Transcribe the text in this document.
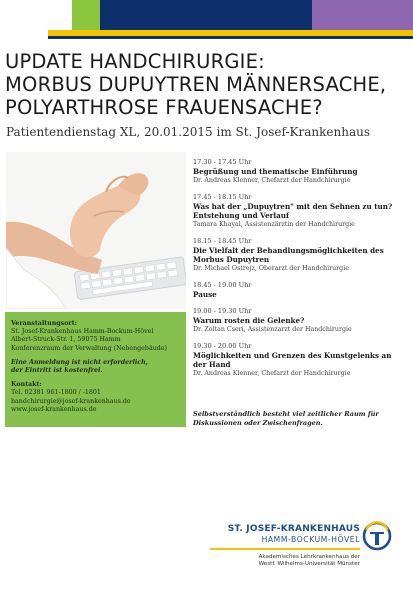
UPDATE HANDCHIRURGIE:
MORBUS DUPUYTREN MÄNNERSACHE,
POLYARTHROSE FRAUENSACHE?
Patientendienstag XL, 20.01.2015 im St. Josef-Krankenhaus
Veranstaltungsort:
St. Josef-Krankenhaus Hamm-Bockum-Hövel
Albert-Struck-Str. 1, 59075 Hamm
Konferenzraum der Verwaltung (Nebengebäude)
Eine Anmeldung ist nicht erforderlich,
der Eintritt ist kostenfrei.
Kontakt:
Tel. 02381 961-1800 / -1801
handchirurgie@josef-krankenhaus.de
www.josef-krankenhaus.de
17.30 - 17.45 Uhr
Begrüßung und thematische Einführung
Dr. Andreas Klenner, Chefarzt der Handchirurgie
17.45 - 18.15 Uhr
Was hat der „Dupuytren" mit den Sehnen zu tun?
Entstehung und Verlauf
Tamara Khayal, Assistenzärztin der Handchirurgie
18.15 - 18.45 Uhr
Die Vielfalt der Behandlungsmöglichkeiten des
Morbus Dupuytren
Dr. Michael Ostrejz, Oberarzt der Handchirurgie
18.45 - 19.00 Uhr
Pause
19.00 - 19.30 Uhr
Warum rosten die Gelenke?
Dr. Zoltan Cseri, Assistenzarzt der Handchirurgie
19.30 - 20.00 Uhr
Möglichkeiten und Grenzen des Kunstgelenks an
der Hand
Dr. Andreas Klenner, Chefarzt der Handchirurgie
Selbstverständlich besteht viel zeitlicher Raum für
Diskussionen oder Zwischenfragen.
ST. JOSEF-KRANKENHAUS
HAMM-BOCKUM-HÖVEL
Akademisches Lehrkrankenhaus der
Westf. Wilhelms-Universität Münster
